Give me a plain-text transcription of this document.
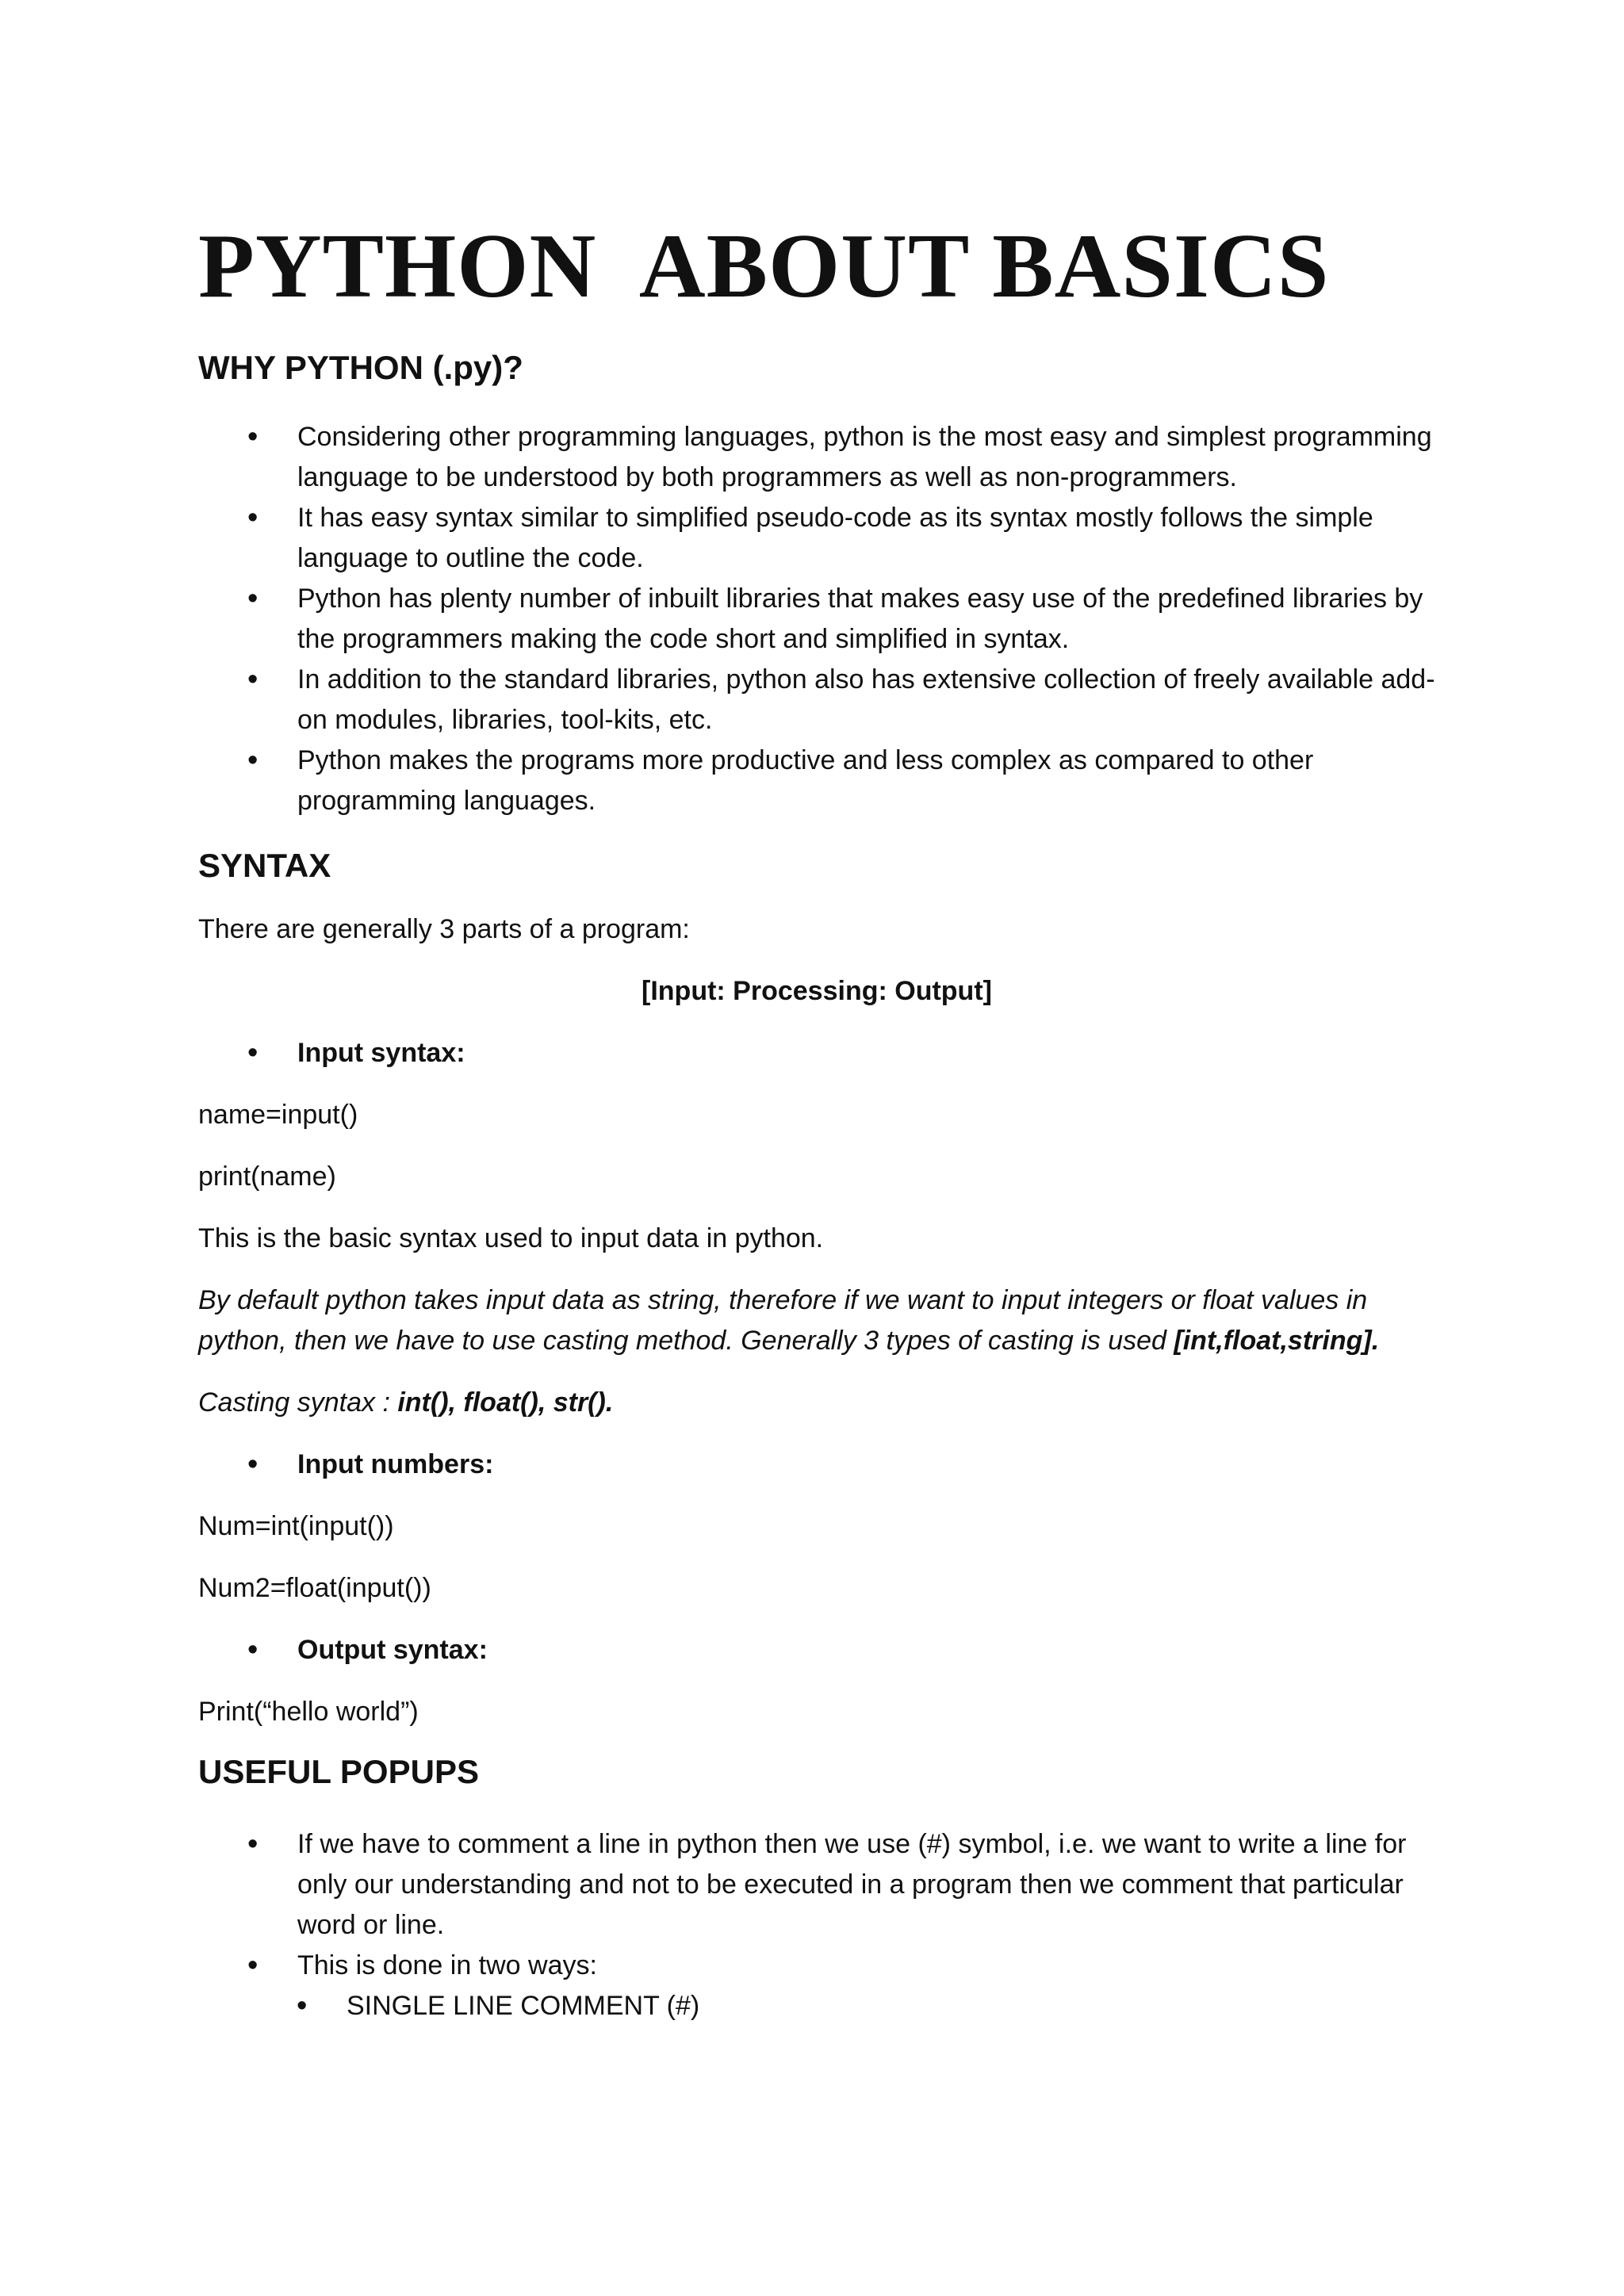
PYTHON  ABOUT BASICS
WHY PYTHON (.py)?
• Considering other programming languages, python is the most easy and simplest programming language to be understood by both programmers as well as non-programmers.
• It has easy syntax similar to simplified pseudo-code as its syntax mostly follows the simple language to outline the code.
• Python has plenty number of inbuilt libraries that makes easy use of the predefined libraries by the programmers making the code short and simplified in syntax.
• In addition to the standard libraries, python also has extensive collection of freely available add-on modules, libraries, tool-kits, etc.
• Python makes the programs more productive and less complex as compared to other programming languages.
SYNTAX

There are generally 3 parts of a program:

[Input: Processing: Output]

• Input syntax:

name=input()

print(name)

This is the basic syntax used to input data in python.

By default python takes input data as string, therefore if we want to input integers or float values in python, then we have to use casting method. Generally 3 types of casting is used [int,float,string].

Casting syntax : int(), float(), str().

• Input numbers:

Num=int(input())

Num2=float(input())

• Output syntax:

Print(“hello world”)

USEFUL POPUPS
• If we have to comment a line in python then we use (#) symbol, i.e. we want to write a line for only our understanding and not to be executed in a program then we comment that particular word or line.
• This is done in two ways:
• SINGLE LINE COMMENT (#)
